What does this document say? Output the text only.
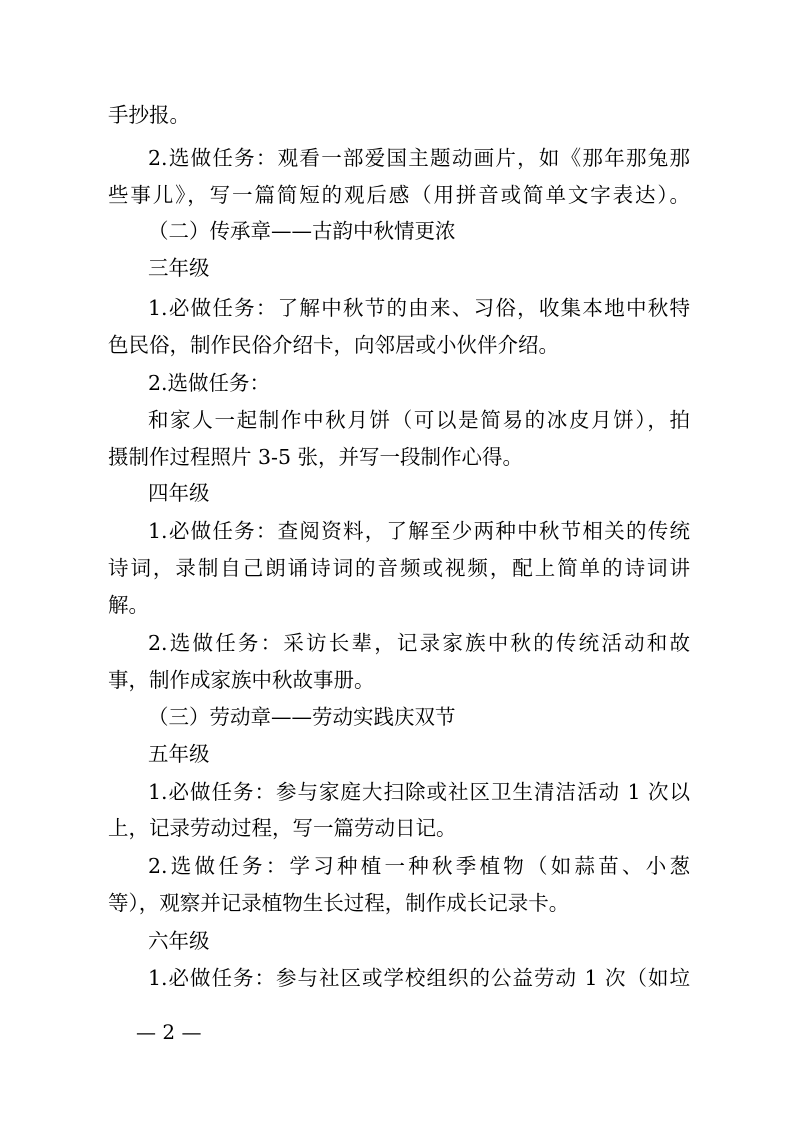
手抄报。
2.选做任务：观看一部爱国主题动画片，如《那年那兔那
些事儿》，写一篇简短的观后感（用拼音或简单文字表达）。
（二）传承章——古韵中秋情更浓
三年级
1.必做任务：了解中秋节的由来、习俗，收集本地中秋特
色民俗，制作民俗介绍卡，向邻居或小伙伴介绍。
2.选做任务：
和家人一起制作中秋月饼（可以是简易的冰皮月饼），拍
摄制作过程照片 3-5 张，并写一段制作心得。
四年级
1.必做任务：查阅资料，了解至少两种中秋节相关的传统
诗词，录制自己朗诵诗词的音频或视频，配上简单的诗词讲
解。
2.选做任务：采访长辈，记录家族中秋的传统活动和故
事，制作成家族中秋故事册。
（三）劳动章——劳动实践庆双节
五年级
1.必做任务：参与家庭大扫除或社区卫生清洁活动 1 次以
上，记录劳动过程，写一篇劳动日记。
2.选做任务：学习种植一种秋季植物（如蒜苗、小葱
等），观察并记录植物生长过程，制作成长记录卡。
六年级
1.必做任务：参与社区或学校组织的公益劳动 1 次（如垃
— 2 —
